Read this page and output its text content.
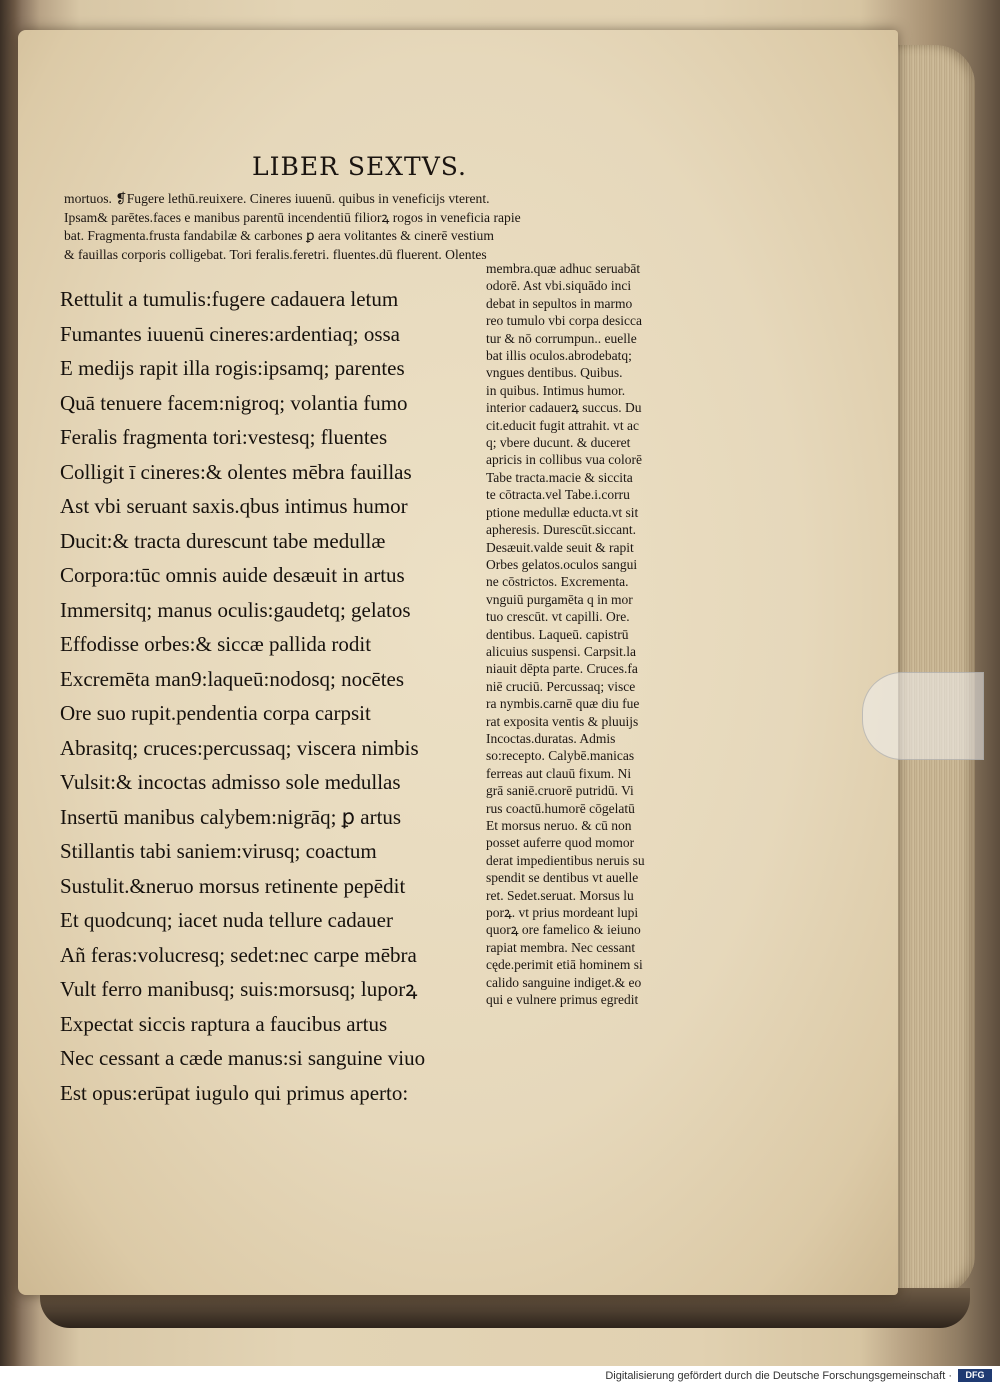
LIBER SEXTVS.
mortuos. ❡Fugere lethū.reuixere. Cineres iuuenū. quibus in veneficijs vterent.
Ipsam& parētes.faces e manibus parentū incendentiū filiorꝝ rogos in veneficia rapie
bat. Fragmenta.frusta fandabilæ & carbones ꝑ aera volitantes & cinerē vestium
& fauillas corporis colligebat. Tori feralis.feretri. fluentes.dū fluerent. Olentes
Rettulit a tumulis:fugere cadauera letum
Fumantes iuuenū cineres:ardentiaq; ossa
E medijs rapit illa rogis:ipsamq; parentes
Quā tenuere facem:nigroq; volantia fumo
Feralis fragmenta tori:vestesq; fluentes
Colligit ī cineres:& olentes mēbra fauillas
Ast vbi seruant saxis.qbus intimus humor
Ducit:& tracta durescunt tabe medullæ
Corpora:tūc omnis auide desæuit in artus
Immersitq; manus oculis:gaudetq; gelatos
Effodisse orbes:& siccæ pallida rodit
Excremēta man9:laqueū:nodosq; nocētes
Ore suo rupit.pendentia corpa carpsit
Abrasitq; cruces:percussaq; viscera nimbis
Vulsit:& incoctas admisso sole medullas
Insertū manibus calybem:nigrāq; ꝑ artus
Stillantis tabi saniem:virusq; coactum
Sustulit.&neruo morsus retinente pepēdit
Et quodcunq; iacet nuda tellure cadauer
Añ feras:volucresq; sedet:nec carpe mēbra
Vult ferro manibusq; suis:morsusq; luporꝝ
Expectat siccis raptura a faucibus artus
Nec cessant a cæde manus:si sanguine viuo
Est opus:erūpat iugulo qui primus aperto:
membra.quæ adhuc seruabāt
odorē. Ast vbi.siquādo inci
debat in sepultos in marmo
reo tumulo vbi corpa desicca
tur & nō corrumpun.. euelle
bat illis oculos.abrodebatq;
vngues dentibus. Quibus.
in quibus. Intimus humor.
interior cadauerꝝ succus. Du
cit.educit fugit attrahit. vt ac
q; vbere ducunt. & duceret
apricis in collibus vua colorē
Tabe tracta.macie & siccita
te cōtracta.vel Tabe.i.corru
ptione medullæ educta.vt sit
apheresis. Durescūt.siccant.
Desæuit.valde seuit & rapit
Orbes gelatos.oculos sangui
ne cōstrictos. Excrementa.
vnguiū purgamēta q in mor
tuo crescūt. vt capilli. Ore.
dentibus. Laqueū. capistrū
alicuius suspensi. Carpsit.la
niauit dēpta parte. Cruces.fa
niē cruciū. Percussaq; visce
ra nymbis.carnē quæ diu fue
rat exposita ventis & pluuijs
Incoctas.duratas. Admis
so:recepto. Calybē.manicas
ferreas aut clauū fixum. Ni
grā saniē.cruorē putridū. Vi
rus coactū.humorē cōgelatū
Et morsus neruo. & cū non
posset auferre quod momor
derat impedientibus neruis su
spendit se dentibus vt auelle
ret. Sedet.seruat. Morsus lu
porꝝ. vt prius mordeant lupi
quorꝝ ore famelico & ieiuno
rapiat membra. Nec cessant
cęde.perimit etiā hominem si
calido sanguine indiget.& eo
qui e vulnere primus egredit
Digitalisierung gefördert durch die Deutsche Forschungsgemeinschaft ·	DFG
